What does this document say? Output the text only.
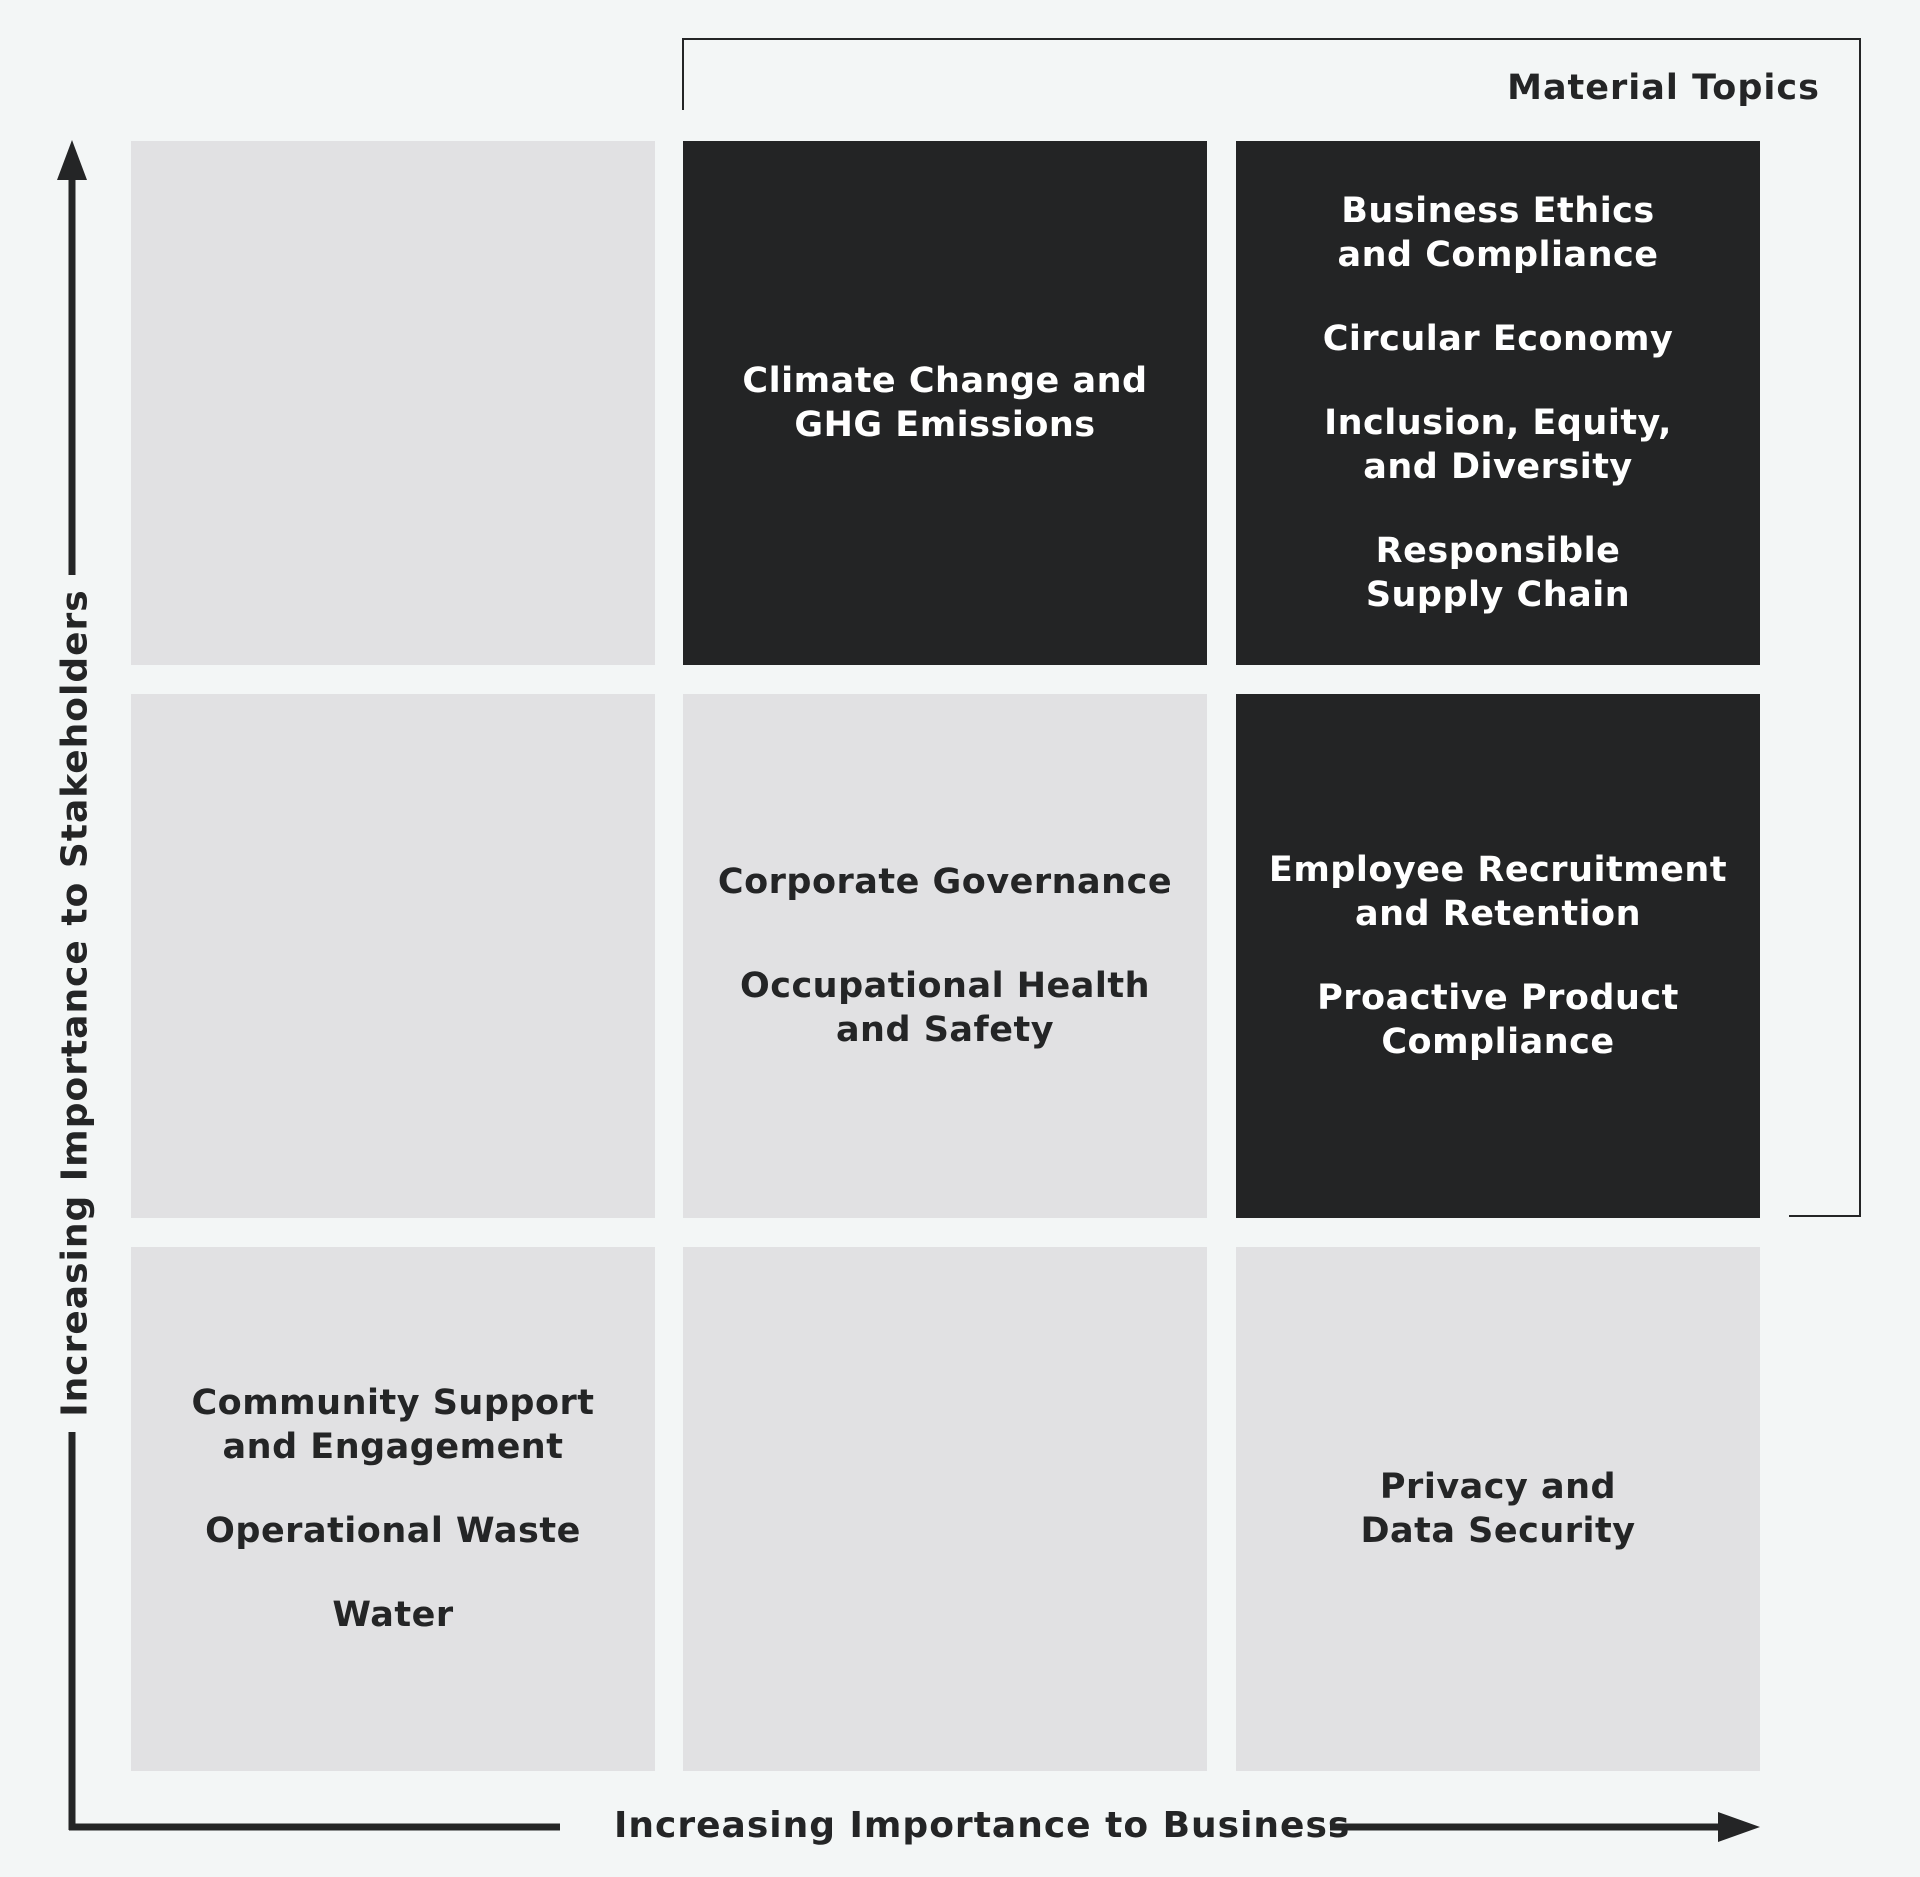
Material Topics
Climate Change and
GHG Emissions
Business Ethics
and Compliance
Circular Economy
Inclusion, Equity,
and Diversity
Responsible
Supply Chain
Corporate Governance
Occupational Health
and Safety
Employee Recruitment
and Retention
Proactive Product
Compliance
Community Support
and Engagement
Operational Waste
Water
Privacy and
Data Security
Increasing Importance to Business
Increasing Importance to Stakeholders
